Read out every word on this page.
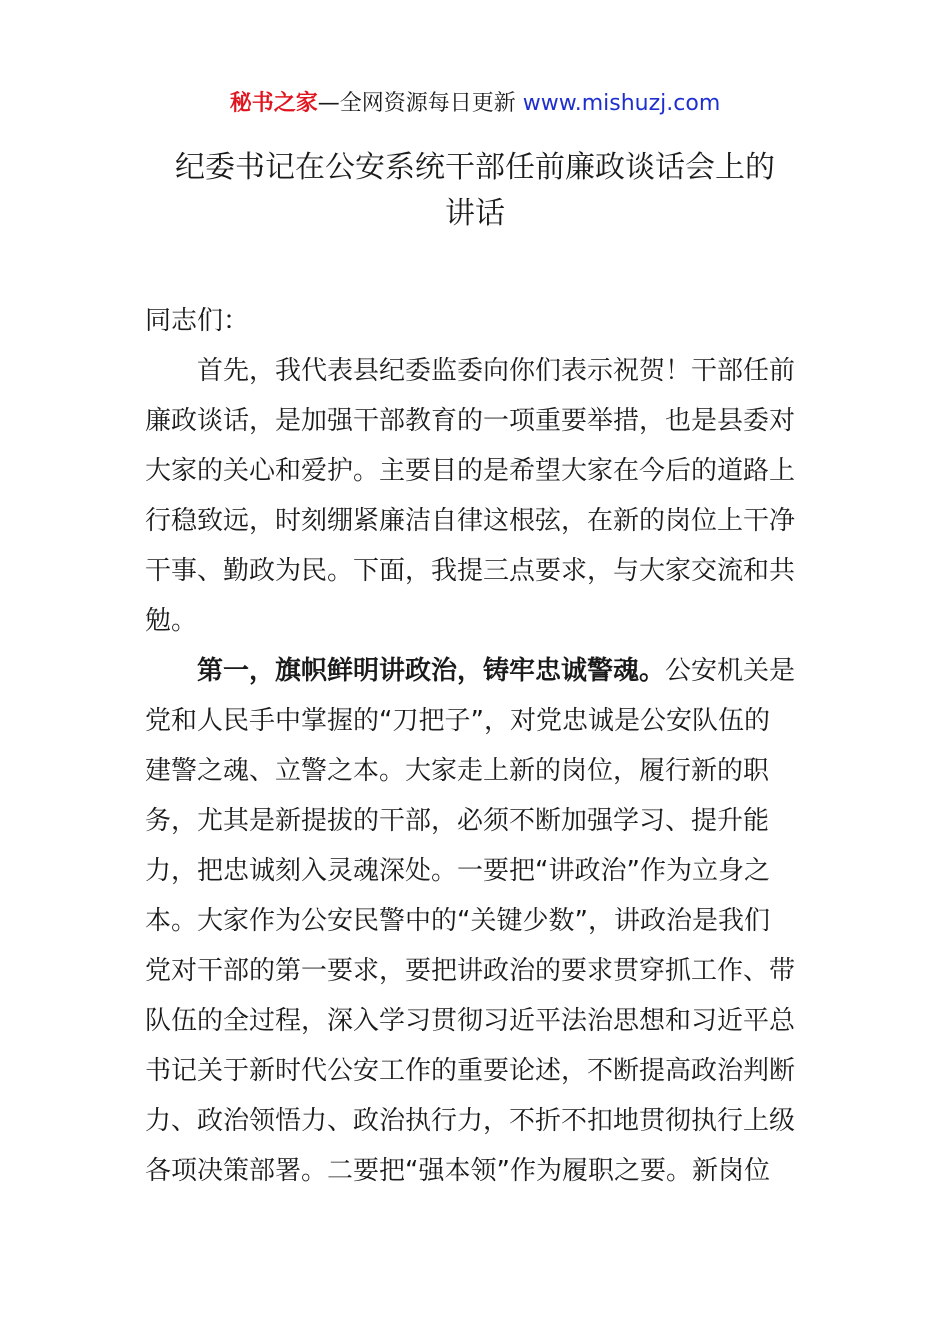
秘书之家—全网资源每日更新 www.mishuzj.com
纪委书记在公安系统干部任前廉政谈话会上的
讲话
同志们：
首先，我代表县纪委监委向你们表示祝贺！干部任前
廉政谈话，是加强干部教育的一项重要举措，也是县委对
大家的关心和爱护。主要目的是希望大家在今后的道路上
行稳致远，时刻绷紧廉洁自律这根弦，在新的岗位上干净
干事、勤政为民。下面，我提三点要求，与大家交流和共
勉。
第一，旗帜鲜明讲政治，铸牢忠诚警魂。公安机关是
党和人民手中掌握的“刀把子”，对党忠诚是公安队伍的
建警之魂、立警之本。大家走上新的岗位，履行新的职
务，尤其是新提拔的干部，必须不断加强学习、提升能
力，把忠诚刻入灵魂深处。一要把“讲政治”作为立身之
本。大家作为公安民警中的“关键少数”，讲政治是我们
党对干部的第一要求，要把讲政治的要求贯穿抓工作、带
队伍的全过程，深入学习贯彻习近平法治思想和习近平总
书记关于新时代公安工作的重要论述，不断提高政治判断
力、政治领悟力、政治执行力，不折不扣地贯彻执行上级
各项决策部署。二要把“强本领”作为履职之要。新岗位
